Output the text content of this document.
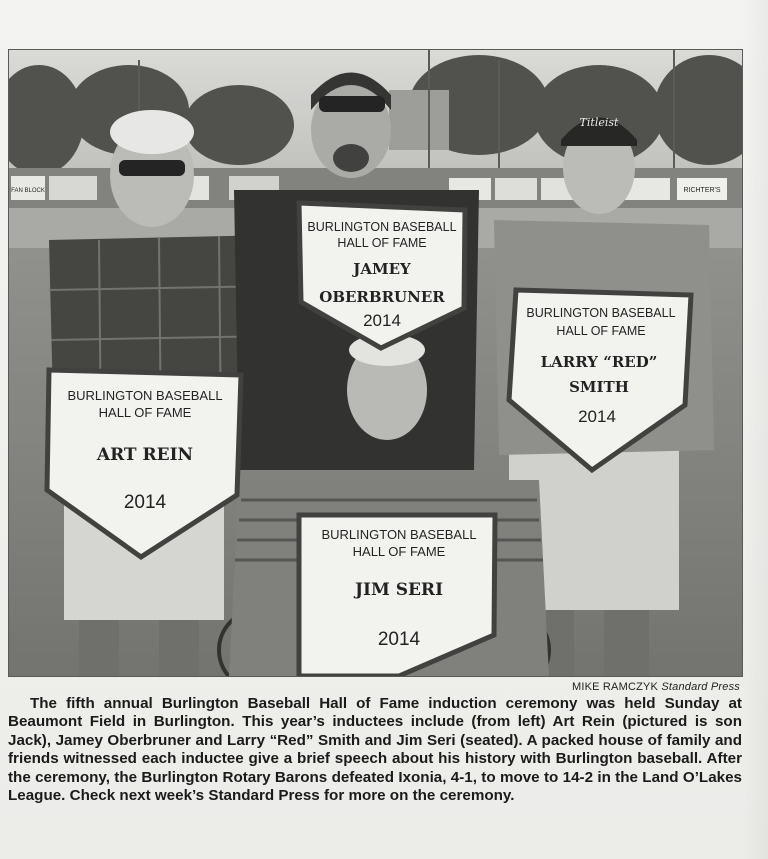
FAN BLOCK	RICHTER'S
Titleist
BURLINGTON BASEBALL
HALL OF FAME
ART REIN
2014
BURLINGTON BASEBALL
HALL OF FAME
JAMEY
OBERBRUNER
2014	BURLINGTON BASEBALL
HALL OF FAME
LARRY “RED”
SMITH
2014
BURLINGTON BASEBALL
HALL OF FAME
JIM SERI
2014
MIKE RAMCZYK Standard Press
The fifth annual Burlington Baseball Hall of Fame induction ceremony was held Sunday at Beaumont Field in Burlington. This year’s inductees include (from left) Art Rein (pictured is son Jack), Jamey Oberbruner and Larry “Red” Smith and Jim Seri (seated). A packed house of family and friends witnessed each inductee give a brief speech about his history with Burlington baseball. After the ceremony, the Burlington Rotary Barons defeated Ixonia, 4-1, to move to 14-2 in the Land O’Lakes League. Check next week’s Standard Press for more on the ceremony.
